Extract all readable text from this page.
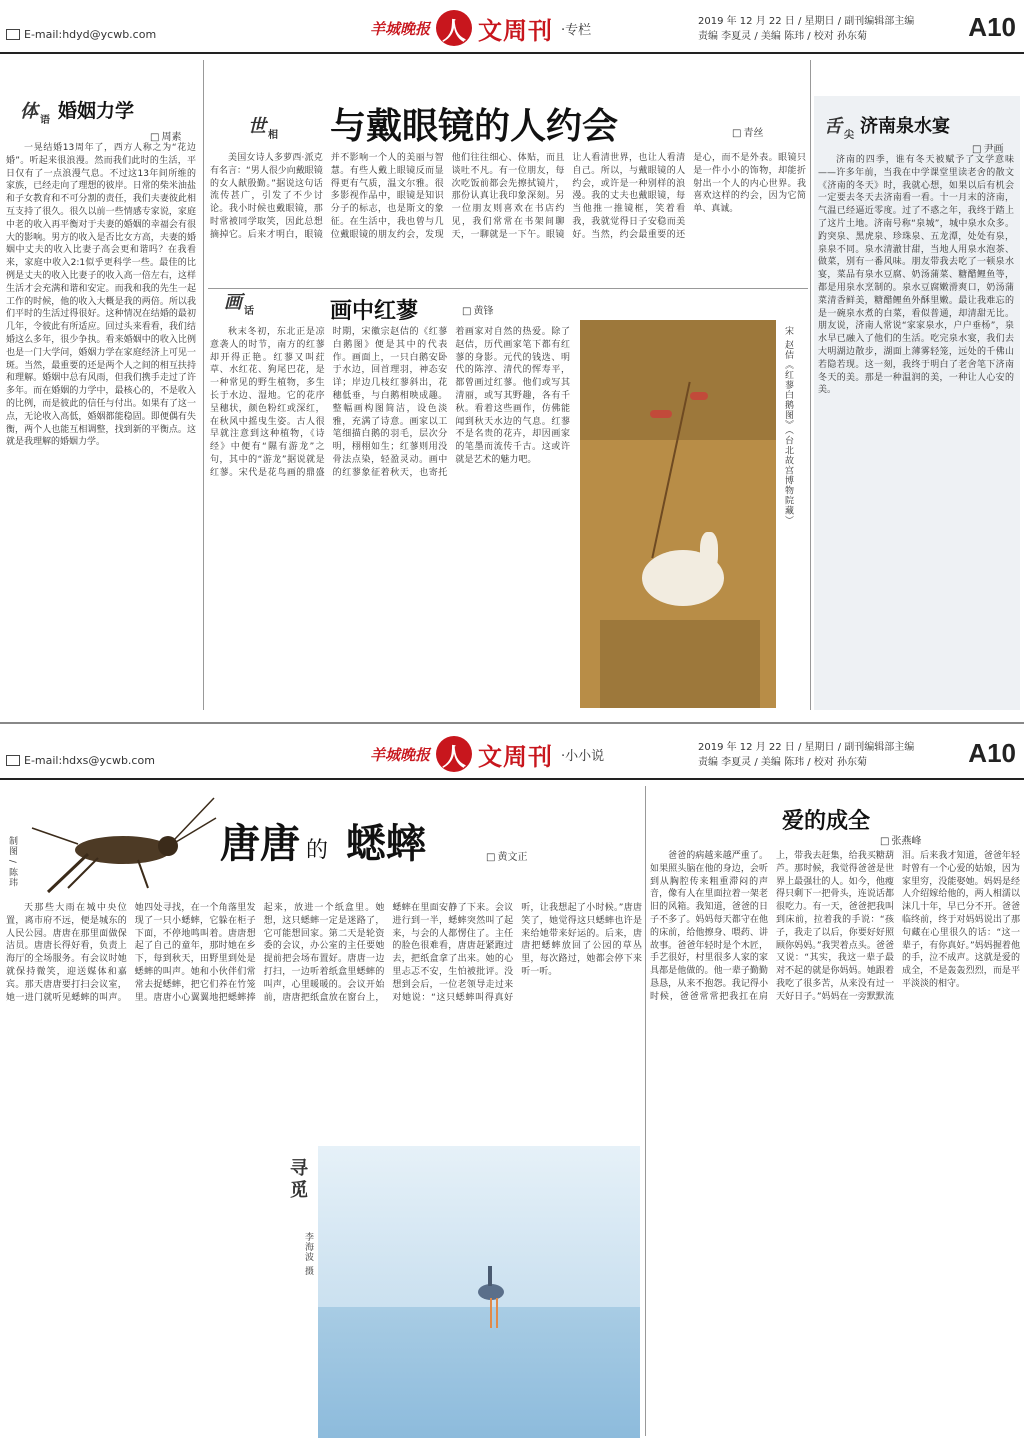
E-mail:hdyd@ycwb.com	羊城晚报 人 文周刊 ·专栏
2019 年 12 月 22 日 / 星期日 / 副刊编辑部主编
责编 李夏灵 / 美编 陈玮 / 校对 孙东菊	A10
体 语 婚姻力学
□ 周素

一晃结婚13周年了，西方人称之为“花边婚”。听起来很浪漫。然而我们此时的生活，平日仅有了一点浪漫气息。不过这13年间所维的家族，已经走向了理想的彼岸。日常的柴米油盐和子女教育和不可分割的责任，我们夫妻彼此相互支持了很久。很久以前一些情感专家说，家庭中老的收入再平衡对于夫妻的婚姻的幸福会有很大的影响。男方的收入是否比女方高，夫妻的婚姻中丈夫的收入比妻子高会更和谐吗？在我看来，家庭中收入2:1似乎更科学一些。最佳的比例是丈夫的收入比妻子的收入高一倍左右，这样生活才会充满和谐和安定。而我和我的先生一起工作的时候，他的收入大概是我的两倍。所以我们平时的生活过得很好。这种情况在结婚的最初几年，令彼此有所适应。回过头来看看，我们结婚这么多年，很少争执。看来婚姻中的收入比例也是一门大学问，婚姻力学在家庭经济上可见一斑。当然，最重要的还是两个人之间的相互扶持和理解。婚姻中总有风雨，但我们携手走过了许多年。而在婚姻的力学中，最核心的，不是收入的比例，而是彼此的信任与付出。如果有了这一点，无论收入高低，婚姻都能稳固。即便偶有失衡，两个人也能互相调整，找到新的平衡点。这就是我理解的婚姻力学。

世 相 与戴眼镜的人约会	□ 青丝

美国女诗人多萝西·派克有名言：“男人很少向戴眼镜的女人献殷勤。”据说这句话流传甚广，引发了不少讨论。我小时候也戴眼镜，那时常被同学取笑，因此总想摘掉它。后来才明白，眼镜并不影响一个人的美丽与智慧。有些人戴上眼镜反而显得更有气质，温文尔雅。很多影视作品中，眼镜是知识分子的标志，也是斯文的象征。在生活中，我也曾与几位戴眼镜的朋友约会，发现他们往往细心、体贴，而且谈吐不凡。有一位朋友，每次吃饭前都会先擦拭镜片，那份认真让我印象深刻。另一位朋友则喜欢在书店约见，我们常常在书架间聊天，一聊就是一下午。眼镜让人看清世界，也让人看清自己。所以，与戴眼镜的人约会，或许是一种别样的浪漫。我的丈夫也戴眼镜，每当他推一推镜框，笑着看我，我就觉得日子安稳而美好。当然，约会最重要的还是心，而不是外表。眼镜只是一件小小的饰物，却能折射出一个人的内心世界。我喜欢这样的约会，因为它简单、真诚。

画 话	画中红蓼	□ 黄锋

秋末冬初，东北正是凉意袭人的时节，南方的红蓼却开得正艳。红蓼又叫荭草、水红花、狗尾巴花，是一种常见的野生植物，多生长于水边、湿地。它的花序呈穗状，颜色粉红或深红，在秋风中摇曳生姿。古人很早就注意到这种植物，《诗经》中便有“隰有游龙”之句，其中的“游龙”据说就是红蓼。宋代是花鸟画的鼎盛时期，宋徽宗赵佶的《红蓼白鹅图》便是其中的代表作。画面上，一只白鹅安卧于水边，回首理羽，神态安详；岸边几枝红蓼斜出，花穗低垂，与白鹅相映成趣。整幅画构图简洁，设色淡雅，充满了诗意。画家以工笔细描白鹅的羽毛，层次分明，栩栩如生；红蓼则用没骨法点染，轻盈灵动。画中的红蓼象征着秋天，也寄托着画家对自然的热爱。除了赵佶，历代画家笔下都有红蓼的身影。元代的钱选、明代的陈淳、清代的恽寿平，都曾画过红蓼。他们或写其清丽，或写其野趣，各有千秋。看着这些画作，仿佛能闻到秋天水边的气息。红蓼不是名贵的花卉，却因画家的笔墨而流传千古。这或许就是艺术的魅力吧。	宋 赵佶《红蓼白鹅图》（台北故宫博物院藏）
舌 尖 济南泉水宴
□ 尹画

济南的四季，谁有冬天被赋予了文学意味——许多年前，当我在中学课堂里读老舍的散文《济南的冬天》时，我就心想，如果以后有机会一定要去冬天去济南看一看。十一月末的济南，气温已经逼近零度。过了不惑之年，我终于踏上了这片土地。济南号称“泉城”，城中泉水众多。趵突泉、黑虎泉、珍珠泉、五龙潭，处处有泉，泉泉不同。泉水清澈甘甜，当地人用泉水泡茶、做菜，别有一番风味。朋友带我去吃了一顿泉水宴，菜品有泉水豆腐、奶汤蒲菜、糖醋鲤鱼等，都是用泉水烹制的。泉水豆腐嫩滑爽口，奶汤蒲菜清香鲜美，糖醋鲤鱼外酥里嫩。最让我难忘的是一碗泉水煮的白菜，看似普通，却清甜无比。朋友说，济南人常说“家家泉水，户户垂杨”，泉水早已融入了他们的生活。吃完泉水宴，我们去大明湖边散步，湖面上薄雾轻笼，远处的千佛山若隐若现。这一刻，我终于明白了老舍笔下济南冬天的美。那是一种温润的美，一种让人心安的美。

E-mail:hdxs@ycwb.com	羊城晚报 人 文周刊 ·小小说
2019 年 12 月 22 日 / 星期日 / 副刊编辑部主编
责编 李夏灵 / 美编 陈玮 / 校对 孙东菊	A10
制图 / 陈玮	唐唐 的 蟋蟀	□ 黄文正

天那些大雨在城中央位置，离市府不远，便是城东的人民公园。唐唐在那里面做保洁员。唐唐长得好看，负责上海厅的全场服务。有会议时她就保持微笑，迎送媒体和嘉宾。那天唐唐要打扫会议室，她一进门就听见蟋蟀的叫声。她四处寻找，在一个角落里发现了一只小蟋蟀，它躲在柜子下面，不停地鸣叫着。唐唐想起了自己的童年，那时她在乡下，每到秋天，田野里到处是蟋蟀的叫声。她和小伙伴们常常去捉蟋蟀，把它们养在竹笼里。唐唐小心翼翼地把蟋蟀捧起来，放进一个纸盒里。她想，这只蟋蟀一定是迷路了，它可能想回家。第二天是轮资委的会议，办公室的主任要她提前把会场布置好。唐唐一边打扫，一边听着纸盒里蟋蟀的叫声，心里暖暖的。会议开始前，唐唐把纸盒放在窗台上，蟋蟀在里面安静了下来。会议进行到一半，蟋蟀突然叫了起来，与会的人都愣住了。主任的脸色很难看，唐唐赶紧跑过去，把纸盒拿了出来。她的心里忐忑不安，生怕被批评。没想到会后，一位老领导走过来对她说：“这只蟋蟀叫得真好听，让我想起了小时候。”唐唐笑了，她觉得这只蟋蟀也许是来给她带来好运的。后来，唐唐把蟋蟀放回了公园的草丛里，每次路过，她都会停下来听一听。

寻觅
李海波 摄
爱的成全
□ 张燕峰

爸爸的病越来越严重了。如果照头脑在他的身边，会听到从胸腔传来粗重滞闷的声音，像有人在里面拉着一架老旧的风箱。我知道，爸爸的日子不多了。妈妈每天都守在他的床前，给他擦身、喂药、讲故事。爸爸年轻时是个木匠，手艺很好，村里很多人家的家具都是他做的。他一辈子勤勤恳恳，从来不抱怨。我记得小时候，爸爸常常把我扛在肩上，带我去赶集，给我买糖葫芦。那时候，我觉得爸爸是世界上最强壮的人。如今，他瘦得只剩下一把骨头，连说话都很吃力。有一天，爸爸把我叫到床前，拉着我的手说：“孩子，我走了以后，你要好好照顾你妈妈。”我哭着点头。爸爸又说：“其实，我这一辈子最对不起的就是你妈妈。她跟着我吃了很多苦，从来没有过一天好日子。”妈妈在一旁默默流泪。后来我才知道，爸爸年轻时曾有一个心爱的姑娘，因为家里穷，没能娶她。妈妈是经人介绍嫁给他的，两人相濡以沫几十年，早已分不开。爸爸临终前，终于对妈妈说出了那句藏在心里很久的话：“这一辈子，有你真好。”妈妈握着他的手，泣不成声。这就是爱的成全，不是轰轰烈烈，而是平平淡淡的相守。
